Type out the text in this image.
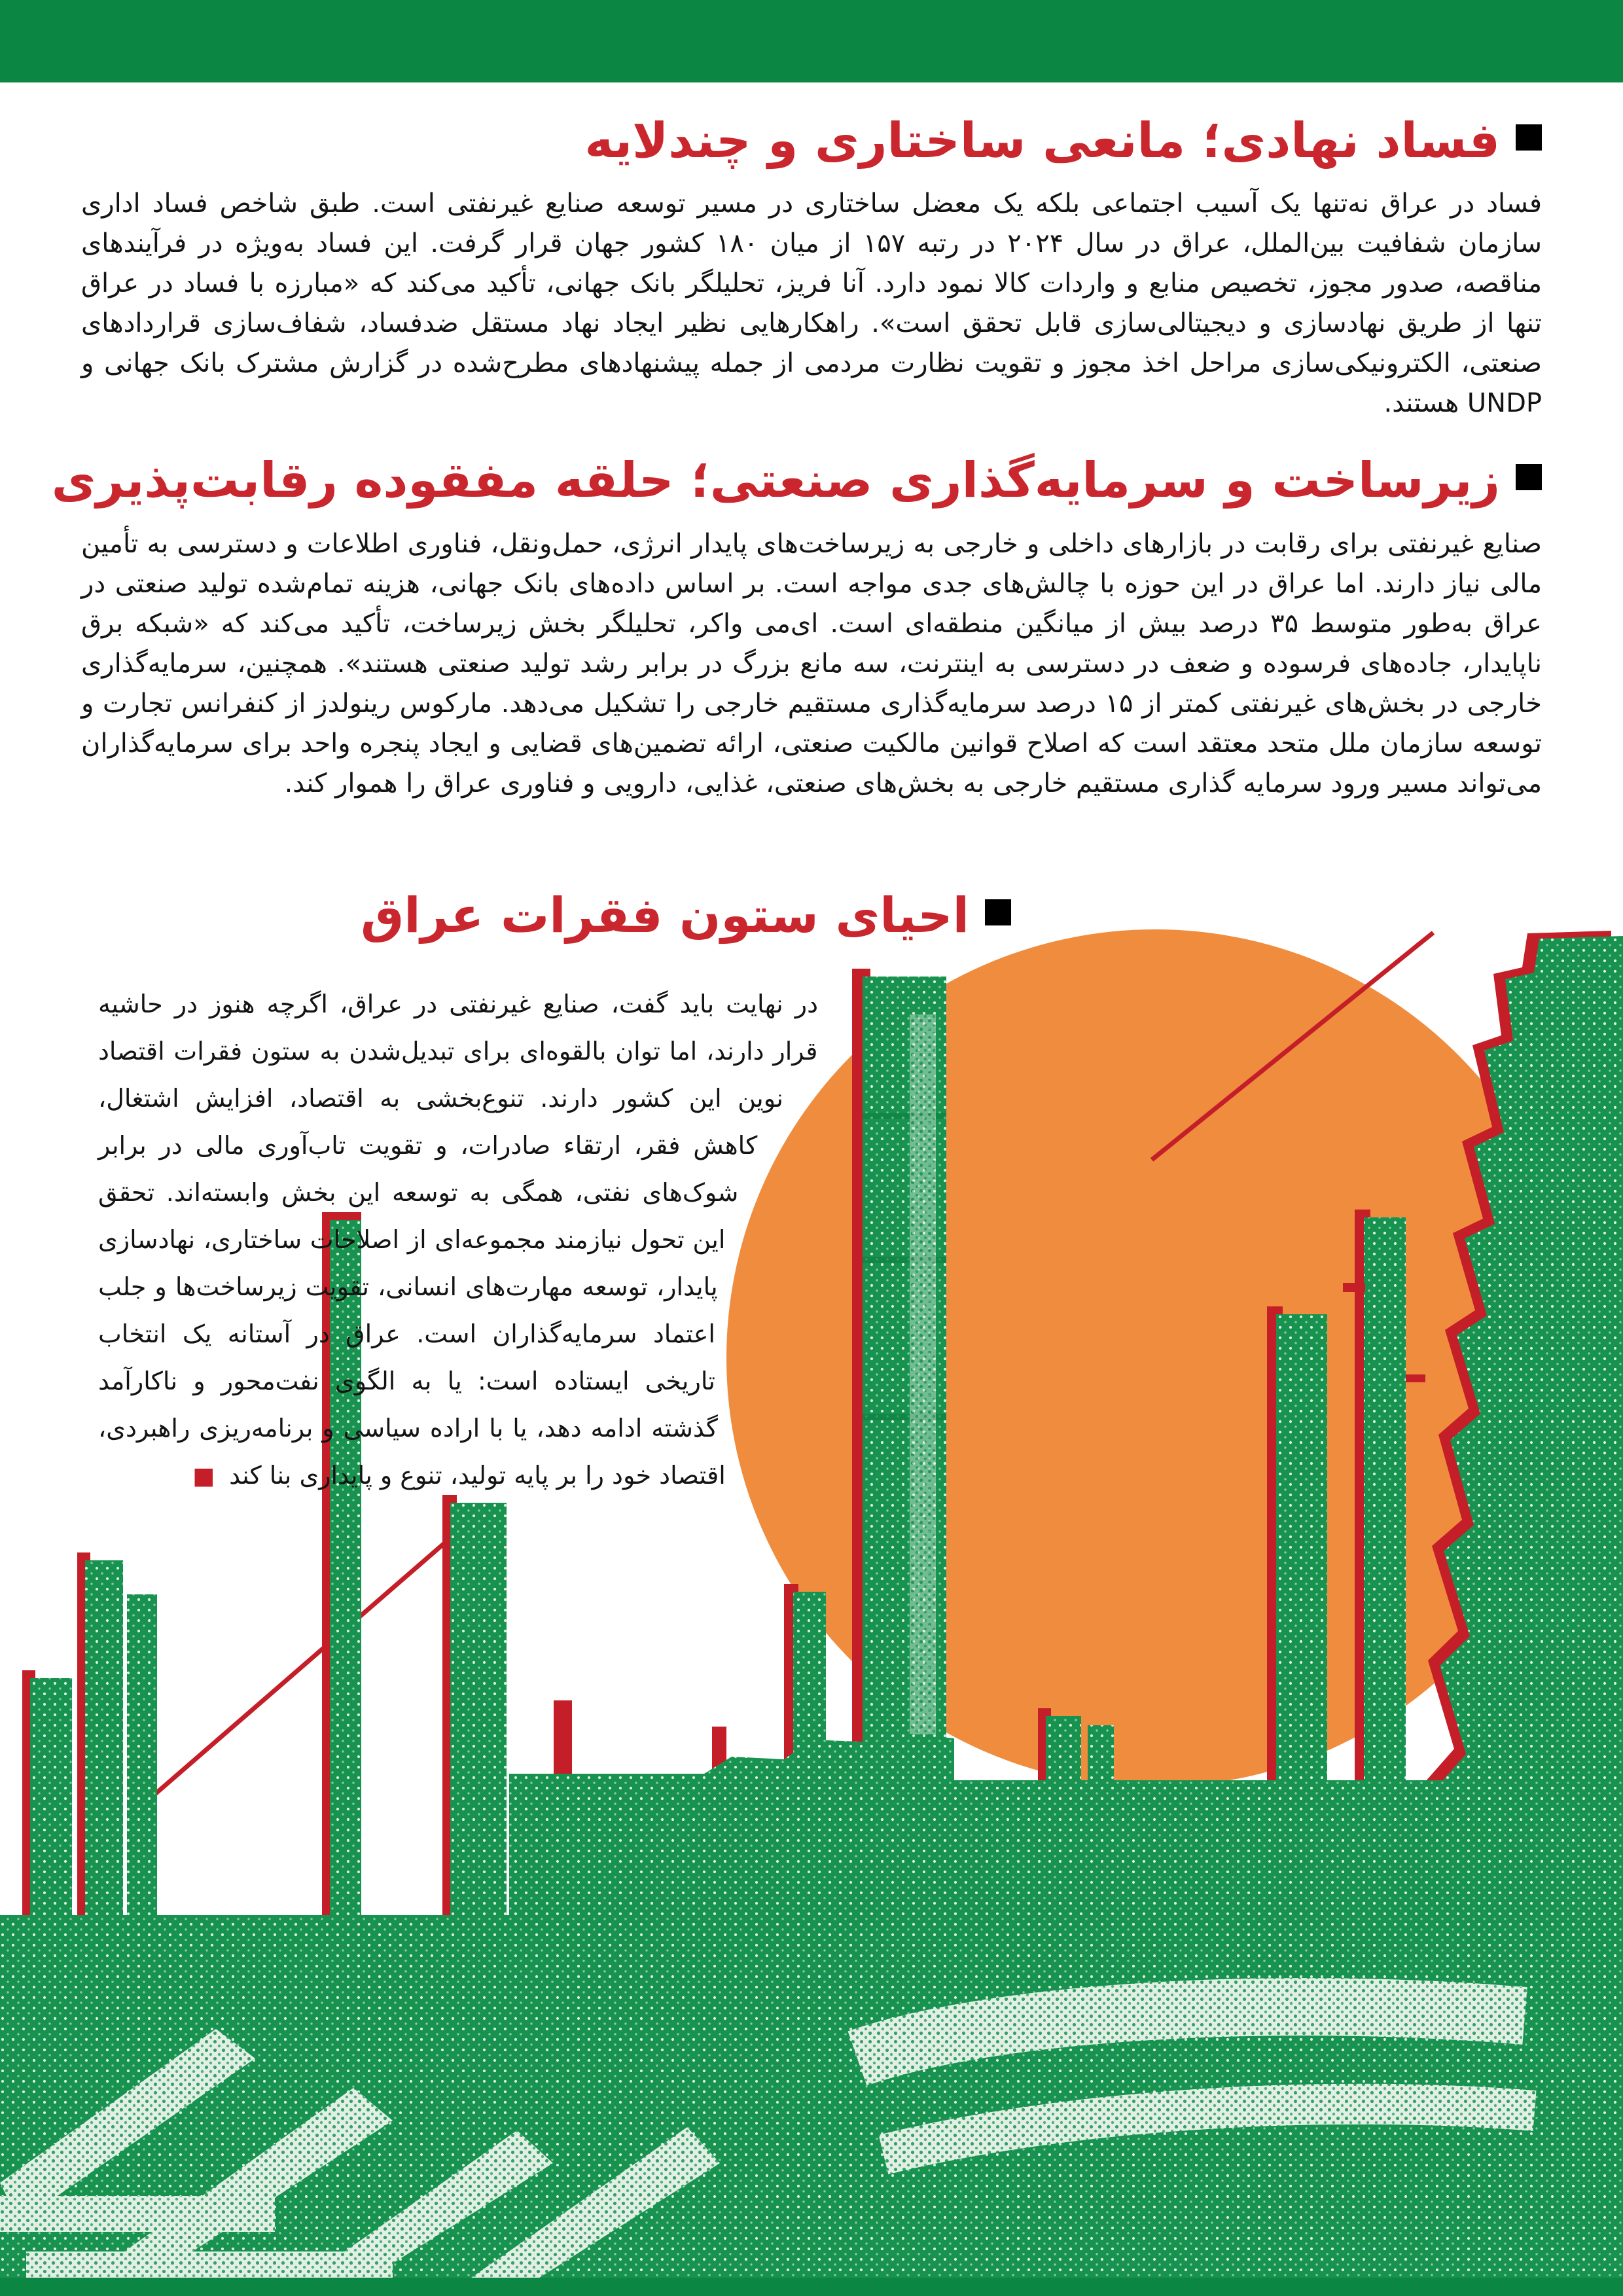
فساد نهادی؛ مانعی ساختاری و چندلایه

فساد در عراق نه‌تنها یک آسیب اجتماعی بلکه یک معضل ساختاری در مسیر توسعه صنایع غیرنفتی است. طبق شاخص فساد اداری سازمان شفافیت بین‌الملل، عراق در سال ۲۰۲۴ در رتبه ۱۵۷ از میان ۱۸۰ کشور جهان قرار گرفت. این فساد به‌ویژه در فرآیندهای مناقصه، صدور مجوز، تخصیص منابع و واردات کالا نمود دارد. آنا فریز، تحلیلگر بانک جهانی، تأکید می‌کند که «مبارزه با فساد در عراق تنها از طریق نهادسازی و دیجیتالی‌سازی قابل تحقق است». راهکارهایی نظیر ایجاد نهاد مستقل ضدفساد، شفاف‌سازی قراردادهای صنعتی، الکترونیکی‌سازی مراحل اخذ مجوز و تقویت نظارت مردمی از جمله پیشنهادهای مطرح‌شده در گزارش مشترک بانک جهانی و UNDP هستند.

زیرساخت و سرمایه‌گذاری صنعتی؛ حلقه مفقوده رقابت‌پذیری

صنایع غیرنفتی برای رقابت در بازارهای داخلی و خارجی به زیرساخت‌های پایدار انرژی، حمل‌ونقل، فناوری اطلاعات و دسترسی به تأمین مالی نیاز دارند. اما عراق در این حوزه با چالش‌های جدی مواجه است. بر اساس داده‌های بانک جهانی، هزینه تمام‌شده تولید صنعتی در عراق به‌طور متوسط ۳۵ درصد بیش از میانگین منطقه‌ای است. ای‌می واکر، تحلیلگر بخش زیرساخت، تأکید می‌کند که «شبکه برق ناپایدار، جاده‌های فرسوده و ضعف در دسترسی به اینترنت، سه مانع بزرگ در برابر رشد تولید صنعتی هستند». همچنین، سرمایه‌گذاری خارجی در بخش‌های غیرنفتی کمتر از ۱۵ درصد سرمایه‌گذاری مستقیم خارجی را تشکیل می‌دهد. مارکوس رینولدز از کنفرانس تجارت و توسعه سازمان ملل متحد معتقد است که اصلاح قوانین مالکیت صنعتی، ارائه تضمین‌های قضایی و ایجاد پنجره واحد برای سرمایه‌گذاران می‌تواند مسیر ورود سرمایه گذاری مستقیم خارجی به بخش‌های صنعتی، غذایی، دارویی و فناوری عراق را هموار کند.

احیای ستون فقرات عراق
در نهایت باید گفت، صنایع غیرنفتی در عراق، اگرچه هنوز در حاشیه قرار دارند، اما توان بالقوه‌ای برای تبدیل‌شدن به ستون فقرات اقتصاد نوین این کشور دارند. تنوع‌بخشی به اقتصاد، افزایش اشتغال، کاهش فقر، ارتقاء صادرات، و تقویت تاب‌آوری مالی در برابر شوک‌های نفتی، همگی به توسعه این بخش وابسته‌اند. تحقق این تحول نیازمند مجموعه‌ای از اصلاحات ساختاری، نهادسازی پایدار، توسعه مهارت‌های انسانی، تقویت زیرساخت‌ها و جلب اعتماد سرمایه‌گذاران است. عراق در آستانه یک انتخاب تاریخی ایستاده است: یا به الگوی نفت‌محور و ناکارآمد گذشته ادامه دهد، یا با اراده سیاسی و برنامه‌ریزی راهبردی، اقتصاد خود را بر پایه تولید، تنوع و پایداری بنا کند ■
